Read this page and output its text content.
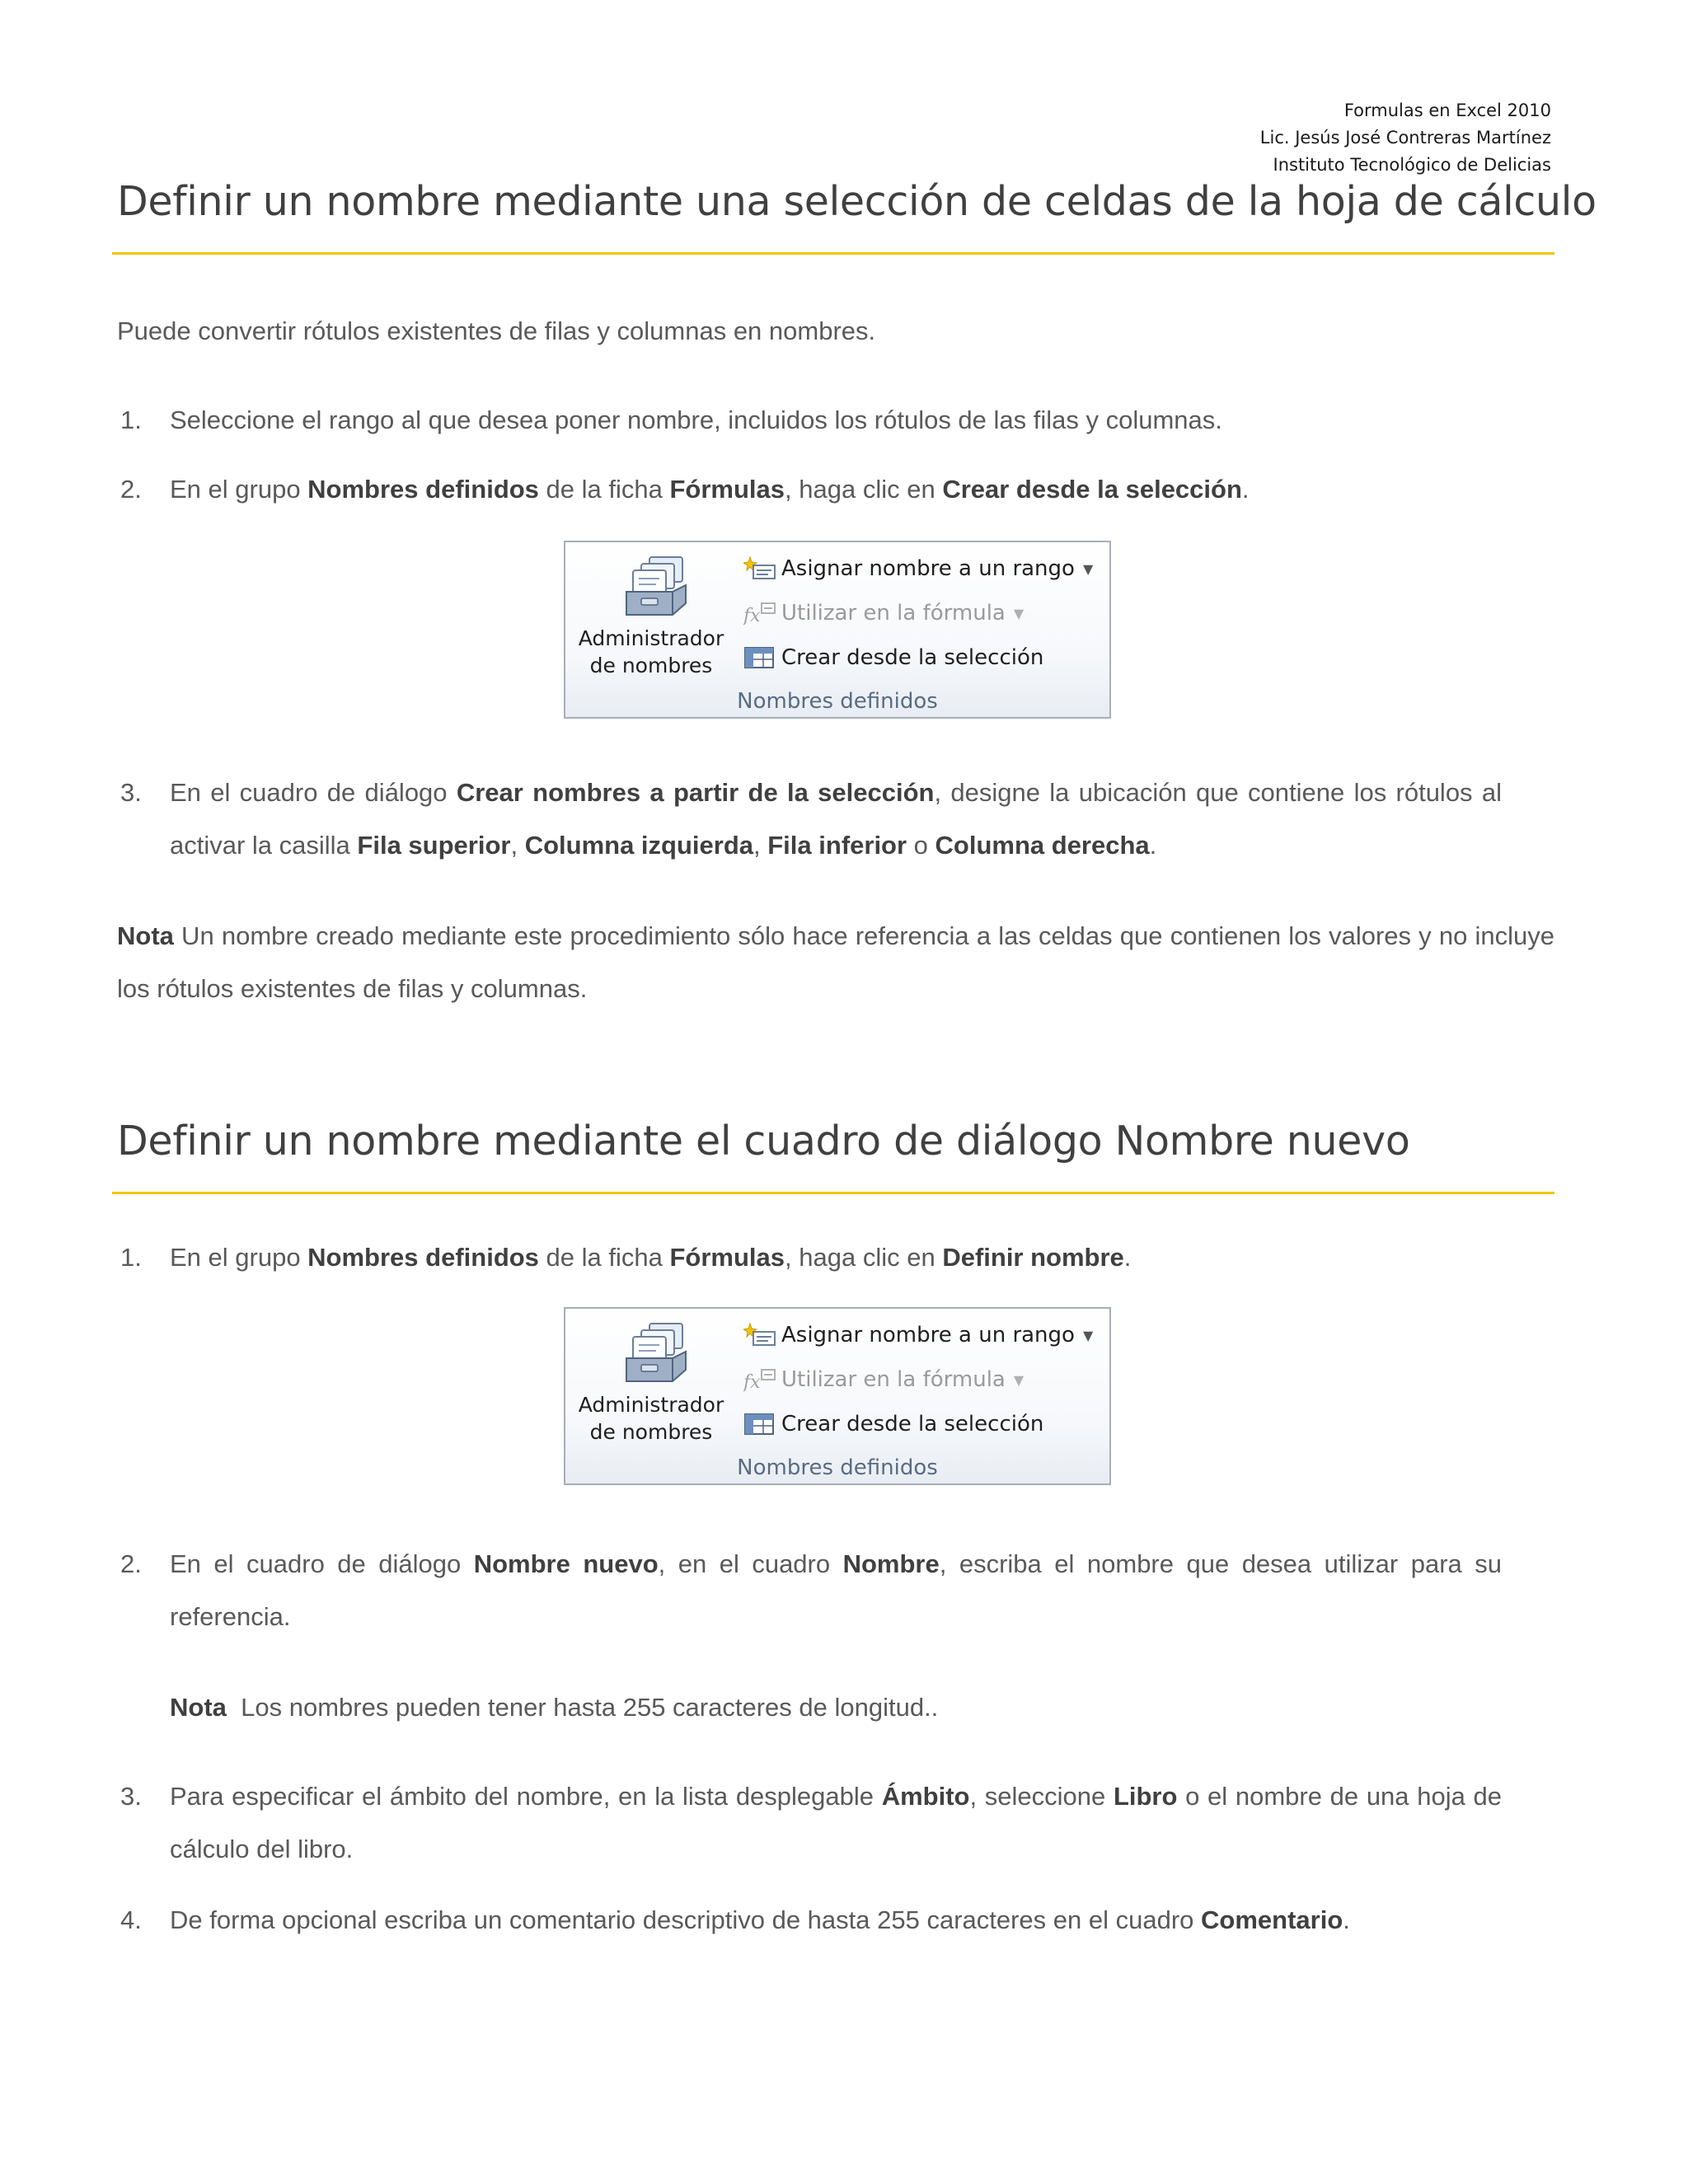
Formulas en Excel 2010
Lic. Jesús José Contreras Martínez
Instituto Tecnológico de Delicias
Definir un nombre mediante una selección de celdas de la hoja de cálculo
Puede convertir rótulos existentes de filas y columnas en nombres.
1. Seleccione el rango al que desea poner nombre, incluidos los rótulos de las filas y columnas.
2. En el grupo Nombres definidos de la ficha Fórmulas, haga clic en Crear desde la selección.
Administrador
de nombres
Asignar nombre a un rango ▼
fx Utilizar en la fórmula ▼
Crear desde la selección
Nombres definidos
3. En el cuadro de diálogo Crear nombres a partir de la selección, designe la ubicación que contiene los rótulos al activar la casilla Fila superior, Columna izquierda, Fila inferior o Columna derecha.
Nota Un nombre creado mediante este procedimiento sólo hace referencia a las celdas que contienen los valores y no incluye los rótulos existentes de filas y columnas.
Definir un nombre mediante el cuadro de diálogo Nombre nuevo
1. En el grupo Nombres definidos de la ficha Fórmulas, haga clic en Definir nombre.
Administrador
de nombres
Asignar nombre a un rango ▼
fx Utilizar en la fórmula ▼
Crear desde la selección
Nombres definidos
2. En el cuadro de diálogo Nombre nuevo, en el cuadro Nombre, escriba el nombre que desea utilizar para su referencia.
Nota  Los nombres pueden tener hasta 255 caracteres de longitud..
3. Para especificar el ámbito del nombre, en la lista desplegable Ámbito, seleccione Libro o el nombre de una hoja de cálculo del libro.
4. De forma opcional escriba un comentario descriptivo de hasta 255 caracteres en el cuadro Comentario.
